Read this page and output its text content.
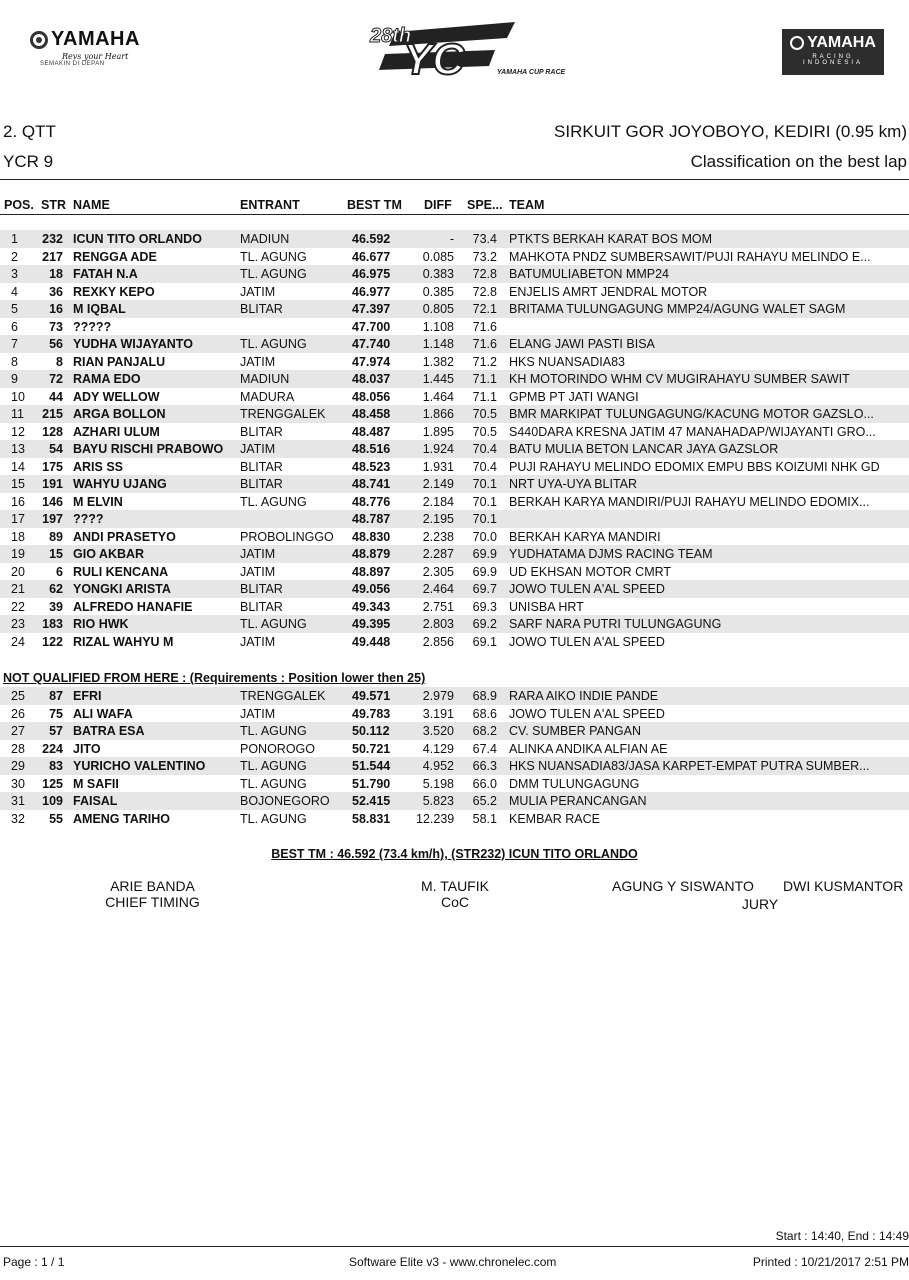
YAMAHA
Revs your Heart
SEMAKIN DI DEPAN
28th
YC	YAMAHA CUP RACE
YAMAHA
RACING INDONESIA
2. QTT
YCR 9
SIRKUIT GOR JOYOBOYO, KEDIRI (0.95 km)
Classification on the best lap
POS. STR NAME	ENTRANT	BEST TM DIFF SPE... TEAM
1	232 ICUN TITO ORLANDO	MADIUN	46.592	- 73.4 PTKTS BERKAH KARAT BOS MOM
2	217 RENGGA ADE	TL. AGUNG	46.677	0.085 73.2 MAHKOTA PNDZ SUMBERSAWIT/PUJI RAHAYU MELINDO E...
3	18 FATAH N.A	TL. AGUNG	46.975	0.383 72.8 BATUMULIABETON MMP24
4	36 REXKY KEPO	JATIM	46.977	0.385 72.8 ENJELIS AMRT JENDRAL MOTOR
5	16 M IQBAL	BLITAR	47.397	0.805 72.1 BRITAMA TULUNGAGUNG MMP24/AGUNG WALET SAGM
6	73 ?????	47.700	1.108 71.6
7	56 YUDHA WIJAYANTO	TL. AGUNG	47.740	1.148 71.6 ELANG JAWI PASTI BISA
8	8 RIAN PANJALU	JATIM	47.974	1.382 71.2 HKS NUANSADIA83
9	72 RAMA EDO	MADIUN	48.037	1.445 71.1 KH MOTORINDO WHM CV MUGIRAHAYU SUMBER SAWIT
10	44 ADY WELLOW	MADURA	48.056	1.464 71.1 GPMB PT JATI WANGI
11	215 ARGA BOLLON	TRENGGALEK 48.458	1.866 70.5 BMR MARKIPAT TULUNGAGUNG/KACUNG MOTOR GAZSLO...
12	128 AZHARI ULUM	BLITAR	48.487	1.895 70.5 S440DARA KRESNA JATIM 47 MANAHADAP/WIJAYANTI GRO...
13	54 BAYU RISCHI PRABOWO JATIM	48.516	1.924 70.4 BATU MULIA BETON LANCAR JAYA GAZSLOR
14	175 ARIS SS	BLITAR	48.523	1.931 70.4 PUJI RAHAYU MELINDO EDOMIX EMPU BBS KOIZUMI NHK GD
15	191 WAHYU UJANG	BLITAR	48.741	2.149 70.1 NRT UYA-UYA BLITAR
16	146 M ELVIN	TL. AGUNG	48.776	2.184 70.1 BERKAH KARYA MANDIRI/PUJI RAHAYU MELINDO EDOMIX...
17	197 ????	48.787	2.195 70.1
18	89 ANDI PRASETYO	PROBOLINGGO 48.830	2.238 70.0 BERKAH KARYA MANDIRI
19	15 GIO AKBAR	JATIM	48.879	2.287 69.9 YUDHATAMA DJMS RACING TEAM
20	6 RULI KENCANA	JATIM	48.897	2.305 69.9 UD EKHSAN MOTOR CMRT
21	62 YONGKI ARISTA	BLITAR	49.056	2.464 69.7 JOWO TULEN A'AL SPEED
22	39 ALFREDO HANAFIE	BLITAR	49.343	2.751 69.3 UNISBA HRT
23	183 RIO HWK	TL. AGUNG	49.395	2.803 69.2 SARF NARA PUTRI TULUNGAGUNG
24	122 RIZAL WAHYU M	JATIM	49.448	2.856 69.1 JOWO TULEN A'AL SPEED
NOT QUALIFIED FROM HERE : (Requirements : Position lower then 25)
25	87 EFRI	TRENGGALEK 49.571	2.979 68.9 RARA AIKO INDIE PANDE
26	75 ALI WAFA	JATIM	49.783	3.191 68.6 JOWO TULEN A'AL SPEED
27	57 BATRA ESA	TL. AGUNG	50.112	3.520 68.2 CV. SUMBER PANGAN
28	224 JITO	PONOROGO	50.721	4.129 67.4 ALINKA ANDIKA ALFIAN AE
29	83 YURICHO VALENTINO	TL. AGUNG	51.544	4.952 66.3 HKS NUANSADIA83/JASA KARPET-EMPAT PUTRA SUMBER...
30	125 M SAFII	TL. AGUNG	51.790	5.198 66.0 DMM TULUNGAGUNG
31	109 FAISAL	BOJONEGORO 52.415	5.823 65.2 MULIA PERANCANGAN
32	55 AMENG TARIHO	TL. AGUNG	58.831 12.239 58.1 KEMBAR RACE
BEST TM : 46.592 (73.4 km/h), (STR232) ICUN TITO ORLANDO
ARIE BANDA
CHIEF TIMING
M. TAUFIK
CoC
AGUNG Y SISWANTO DWI KUSMANTOR
JURY
Start : 14:40, End : 14:49
Page : 1 / 1	Software Elite v3 - www.chronelec.com	Printed : 10/21/2017 2:51 PM
